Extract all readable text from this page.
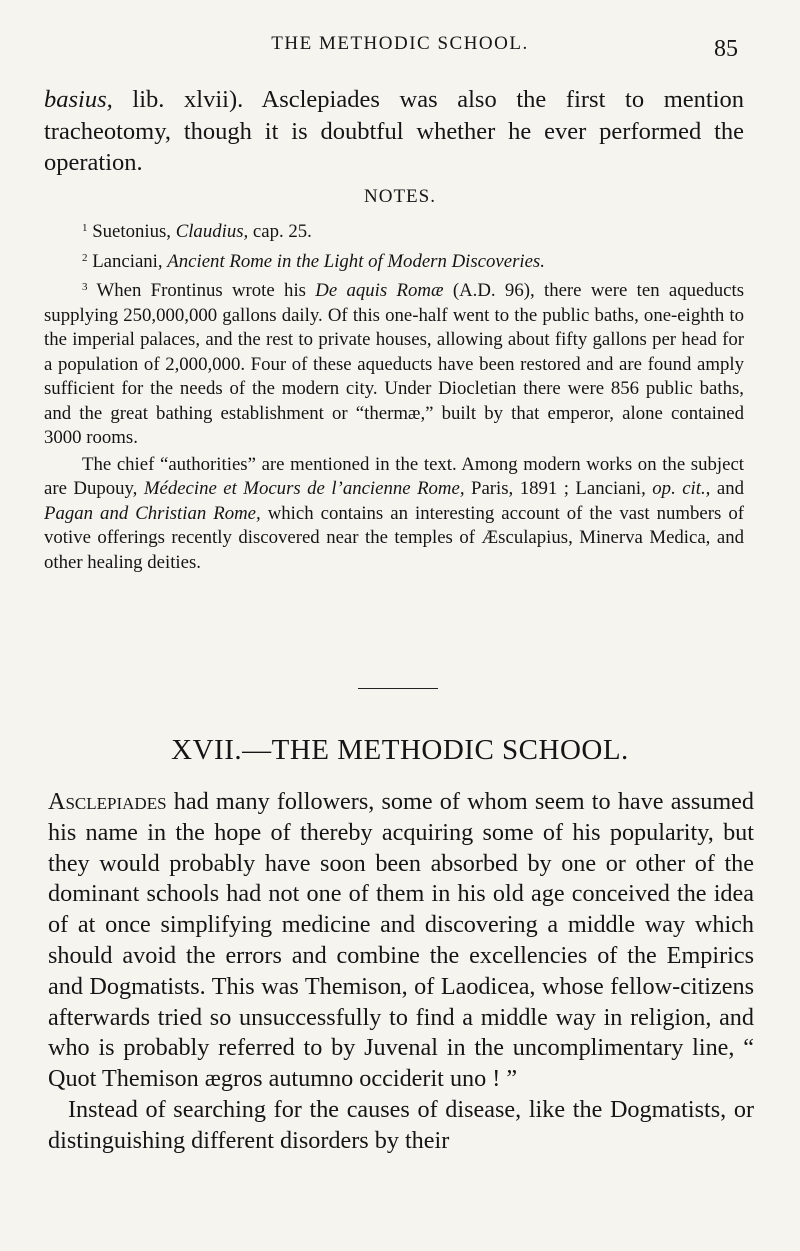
THE METHODIC SCHOOL.	85

basius, lib. xlvii). Asclepiades was also the first to mention tracheotomy, though it is doubtful whether he ever performed the operation.

NOTES.

$^1$ Suetonius, Claudius, cap. 25.

$^2$ Lanciani, Ancient Rome in the Light of Modern Discoveries.

$^3$ When Frontinus wrote his De aquis Romæ (A.D. 96), there were ten aqueducts supplying 250,000,000 gallons daily. Of this one-half went to the public baths, one-eighth to the imperial palaces, and the rest to private houses, allowing about fifty gallons per head for a population of 2,000,000. Four of these aqueducts have been restored and are found amply sufficient for the needs of the modern city. Under Diocletian there were 856 public baths, and the great bathing establishment or “thermæ,” built by that emperor, alone contained 3000 rooms.

The chief “authorities” are mentioned in the text. Among modern works on the subject are Dupouy, Médecine et Mocurs de l’ancienne Rome, Paris, 1891 ; Lanciani, op. cit., and Pagan and Christian Rome, which contains an interesting account of the vast numbers of votive offerings recently discovered near the temples of Æsculapius, Minerva Medica, and other healing deities.

XVII.—THE METHODIC SCHOOL.

Asclepiades had many followers, some of whom seem to have assumed his name in the hope of thereby acquiring some of his popularity, but they would probably have soon been absorbed by one or other of the dominant schools had not one of them in his old age conceived the idea of at once simplifying medicine and discovering a middle way which should avoid the errors and combine the excellencies of the Empirics and Dogmatists. This was Themison, of Laodicea, whose fellow-citizens afterwards tried so unsuccessfully to find a middle way in religion, and who is probably referred to by Juvenal in the uncomplimentary line, “ Quot Themison ægros autumno occiderit uno ! ”

Instead of searching for the causes of disease, like the Dogmatists, or distinguishing different disorders by their
